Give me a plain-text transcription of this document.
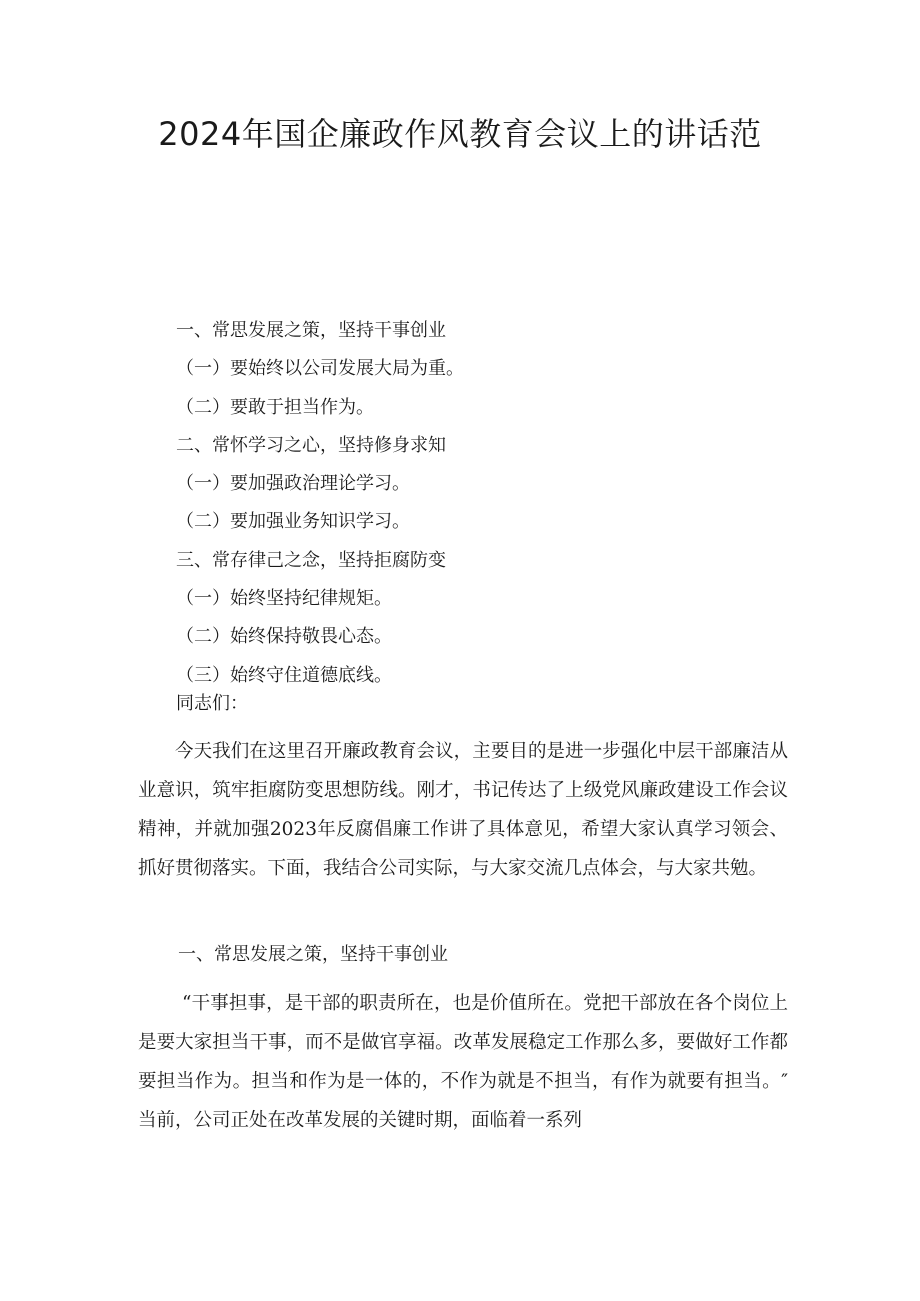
2024年国企廉政作风教育会议上的讲话范
一、常思发展之策，坚持干事创业
（一）要始终以公司发展大局为重。
（二）要敢于担当作为。
二、常怀学习之心，坚持修身求知
（一）要加强政治理论学习。
（二）要加强业务知识学习。
三、常存律己之念，坚持拒腐防变
（一）始终坚持纪律规矩。
（二）始终保持敬畏心态。
（三）始终守住道德底线。
同志们：
今天我们在这里召开廉政教育会议，主要目的是进一步强化中层干部廉洁从业意识，筑牢拒腐防变思想防线。刚才，书记传达了上级党风廉政建设工作会议精神，并就加强2023年反腐倡廉工作讲了具体意见，希望大家认真学习领会、抓好贯彻落实。下面，我结合公司实际，与大家交流几点体会，与大家共勉。
一、常思发展之策，坚持干事创业
“干事担事，是干部的职责所在，也是价值所在。党把干部放在各个岗位上是要大家担当干事，而不是做官享福。改革发展稳定工作那么多，要做好工作都要担当作为。担当和作为是一体的，不作为就是不担当，有作为就要有担当。″当前，公司正处在改革发展的关键时期，面临着一系列
